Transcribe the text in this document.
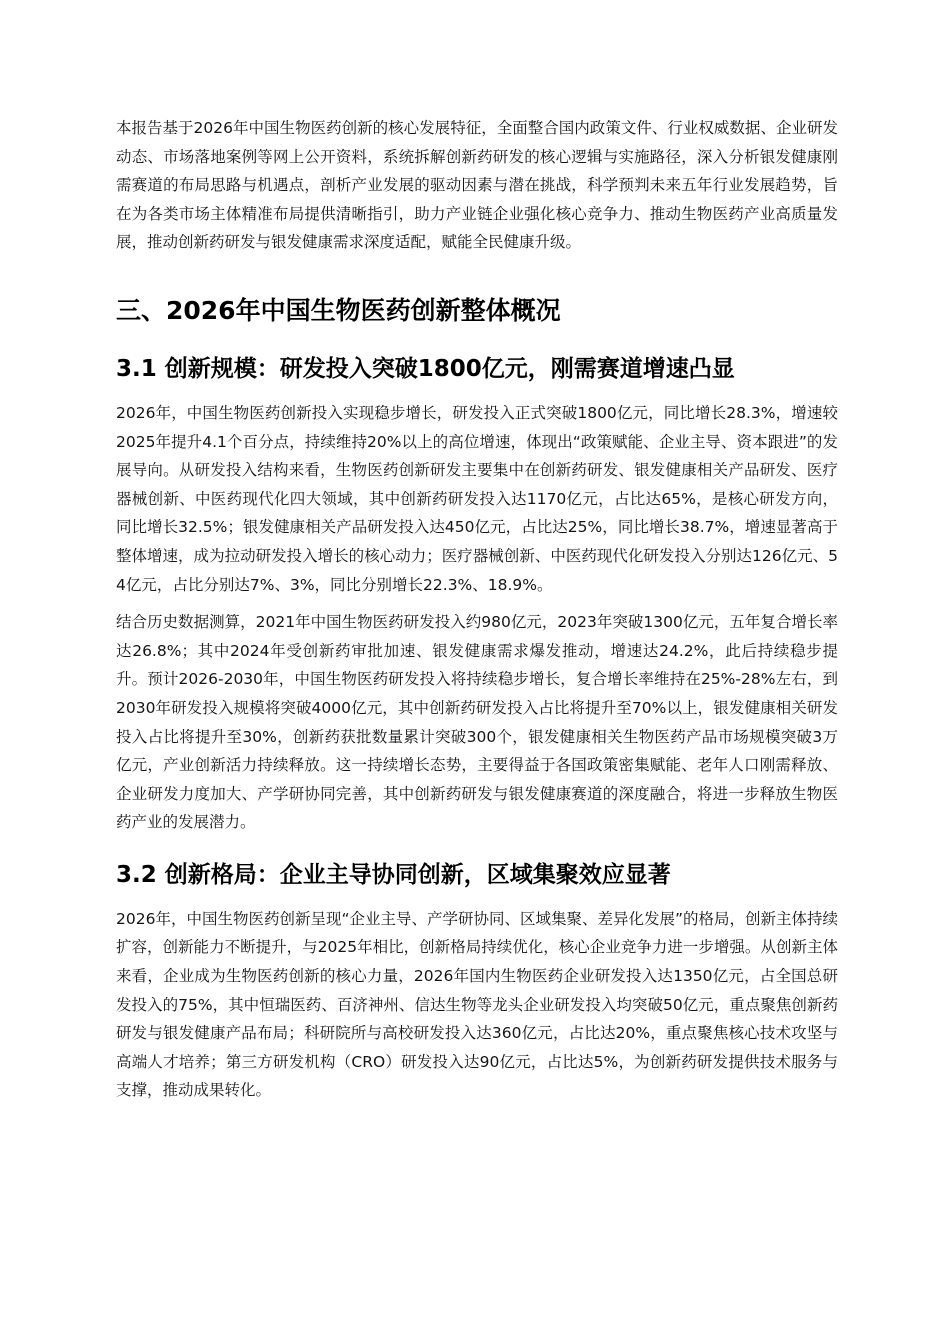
本报告基于2026年中国生物医药创新的核心发展特征，全面整合国内政策文件、行业权威数据、企业研发动态、市场落地案例等网上公开资料，系统拆解创新药研发的核心逻辑与实施路径，深入分析银发健康刚需赛道的布局思路与机遇点，剖析产业发展的驱动因素与潜在挑战，科学预判未来五年行业发展趋势，旨在为各类市场主体精准布局提供清晰指引，助力产业链企业强化核心竞争力、推动生物医药产业高质量发展，推动创新药研发与银发健康需求深度适配，赋能全民健康升级。

三、2026年中国生物医药创新整体概况
3.1 创新规模：研发投入突破1800亿元，刚需赛道增速凸显

2026年，中国生物医药创新投入实现稳步增长，研发投入正式突破1800亿元，同比增长28.3%，增速较2025年提升4.1个百分点，持续维持20%以上的高位增速，体现出“政策赋能、企业主导、资本跟进”的发展导向。从研发投入结构来看，生物医药创新研发主要集中在创新药研发、银发健康相关产品研发、医疗器械创新、中医药现代化四大领域，其中创新药研发投入达1170亿元，占比达65%，是核心研发方向，同比增长32.5%；银发健康相关产品研发投入达450亿元，占比达25%，同比增长38.7%，增速显著高于整体增速，成为拉动研发投入增长的核心动力；医疗器械创新、中医药现代化研发投入分别达126亿元、54亿元，占比分别达7%、3%，同比分别增长22.3%、18.9%。

结合历史数据测算，2021年中国生物医药研发投入约980亿元，2023年突破1300亿元，五年复合增长率达26.8%；其中2024年受创新药审批加速、银发健康需求爆发推动，增速达24.2%，此后持续稳步提升。预计2026-2030年，中国生物医药研发投入将持续稳步增长，复合增长率维持在25%-28%左右，到2030年研发投入规模将突破4000亿元，其中创新药研发投入占比将提升至70%以上，银发健康相关研发投入占比将提升至30%，创新药获批数量累计突破300个，银发健康相关生物医药产品市场规模突破3万亿元，产业创新活力持续释放。这一持续增长态势，主要得益于各国政策密集赋能、老年人口刚需释放、企业研发力度加大、产学研协同完善，其中创新药研发与银发健康赛道的深度融合，将进一步释放生物医药产业的发展潜力。

3.2 创新格局：企业主导协同创新，区域集聚效应显著

2026年，中国生物医药创新呈现“企业主导、产学研协同、区域集聚、差异化发展”的格局，创新主体持续扩容，创新能力不断提升，与2025年相比，创新格局持续优化，核心企业竞争力进一步增强。从创新主体来看，企业成为生物医药创新的核心力量，2026年国内生物医药企业研发投入达1350亿元，占全国总研发投入的75%，其中恒瑞医药、百济神州、信达生物等龙头企业研发投入均突破50亿元，重点聚焦创新药研发与银发健康产品布局；科研院所与高校研发投入达360亿元，占比达20%，重点聚焦核心技术攻坚与高端人才培养；第三方研发机构（CRO）研发投入达90亿元，占比达5%，为创新药研发提供技术服务与支撑，推动成果转化。
